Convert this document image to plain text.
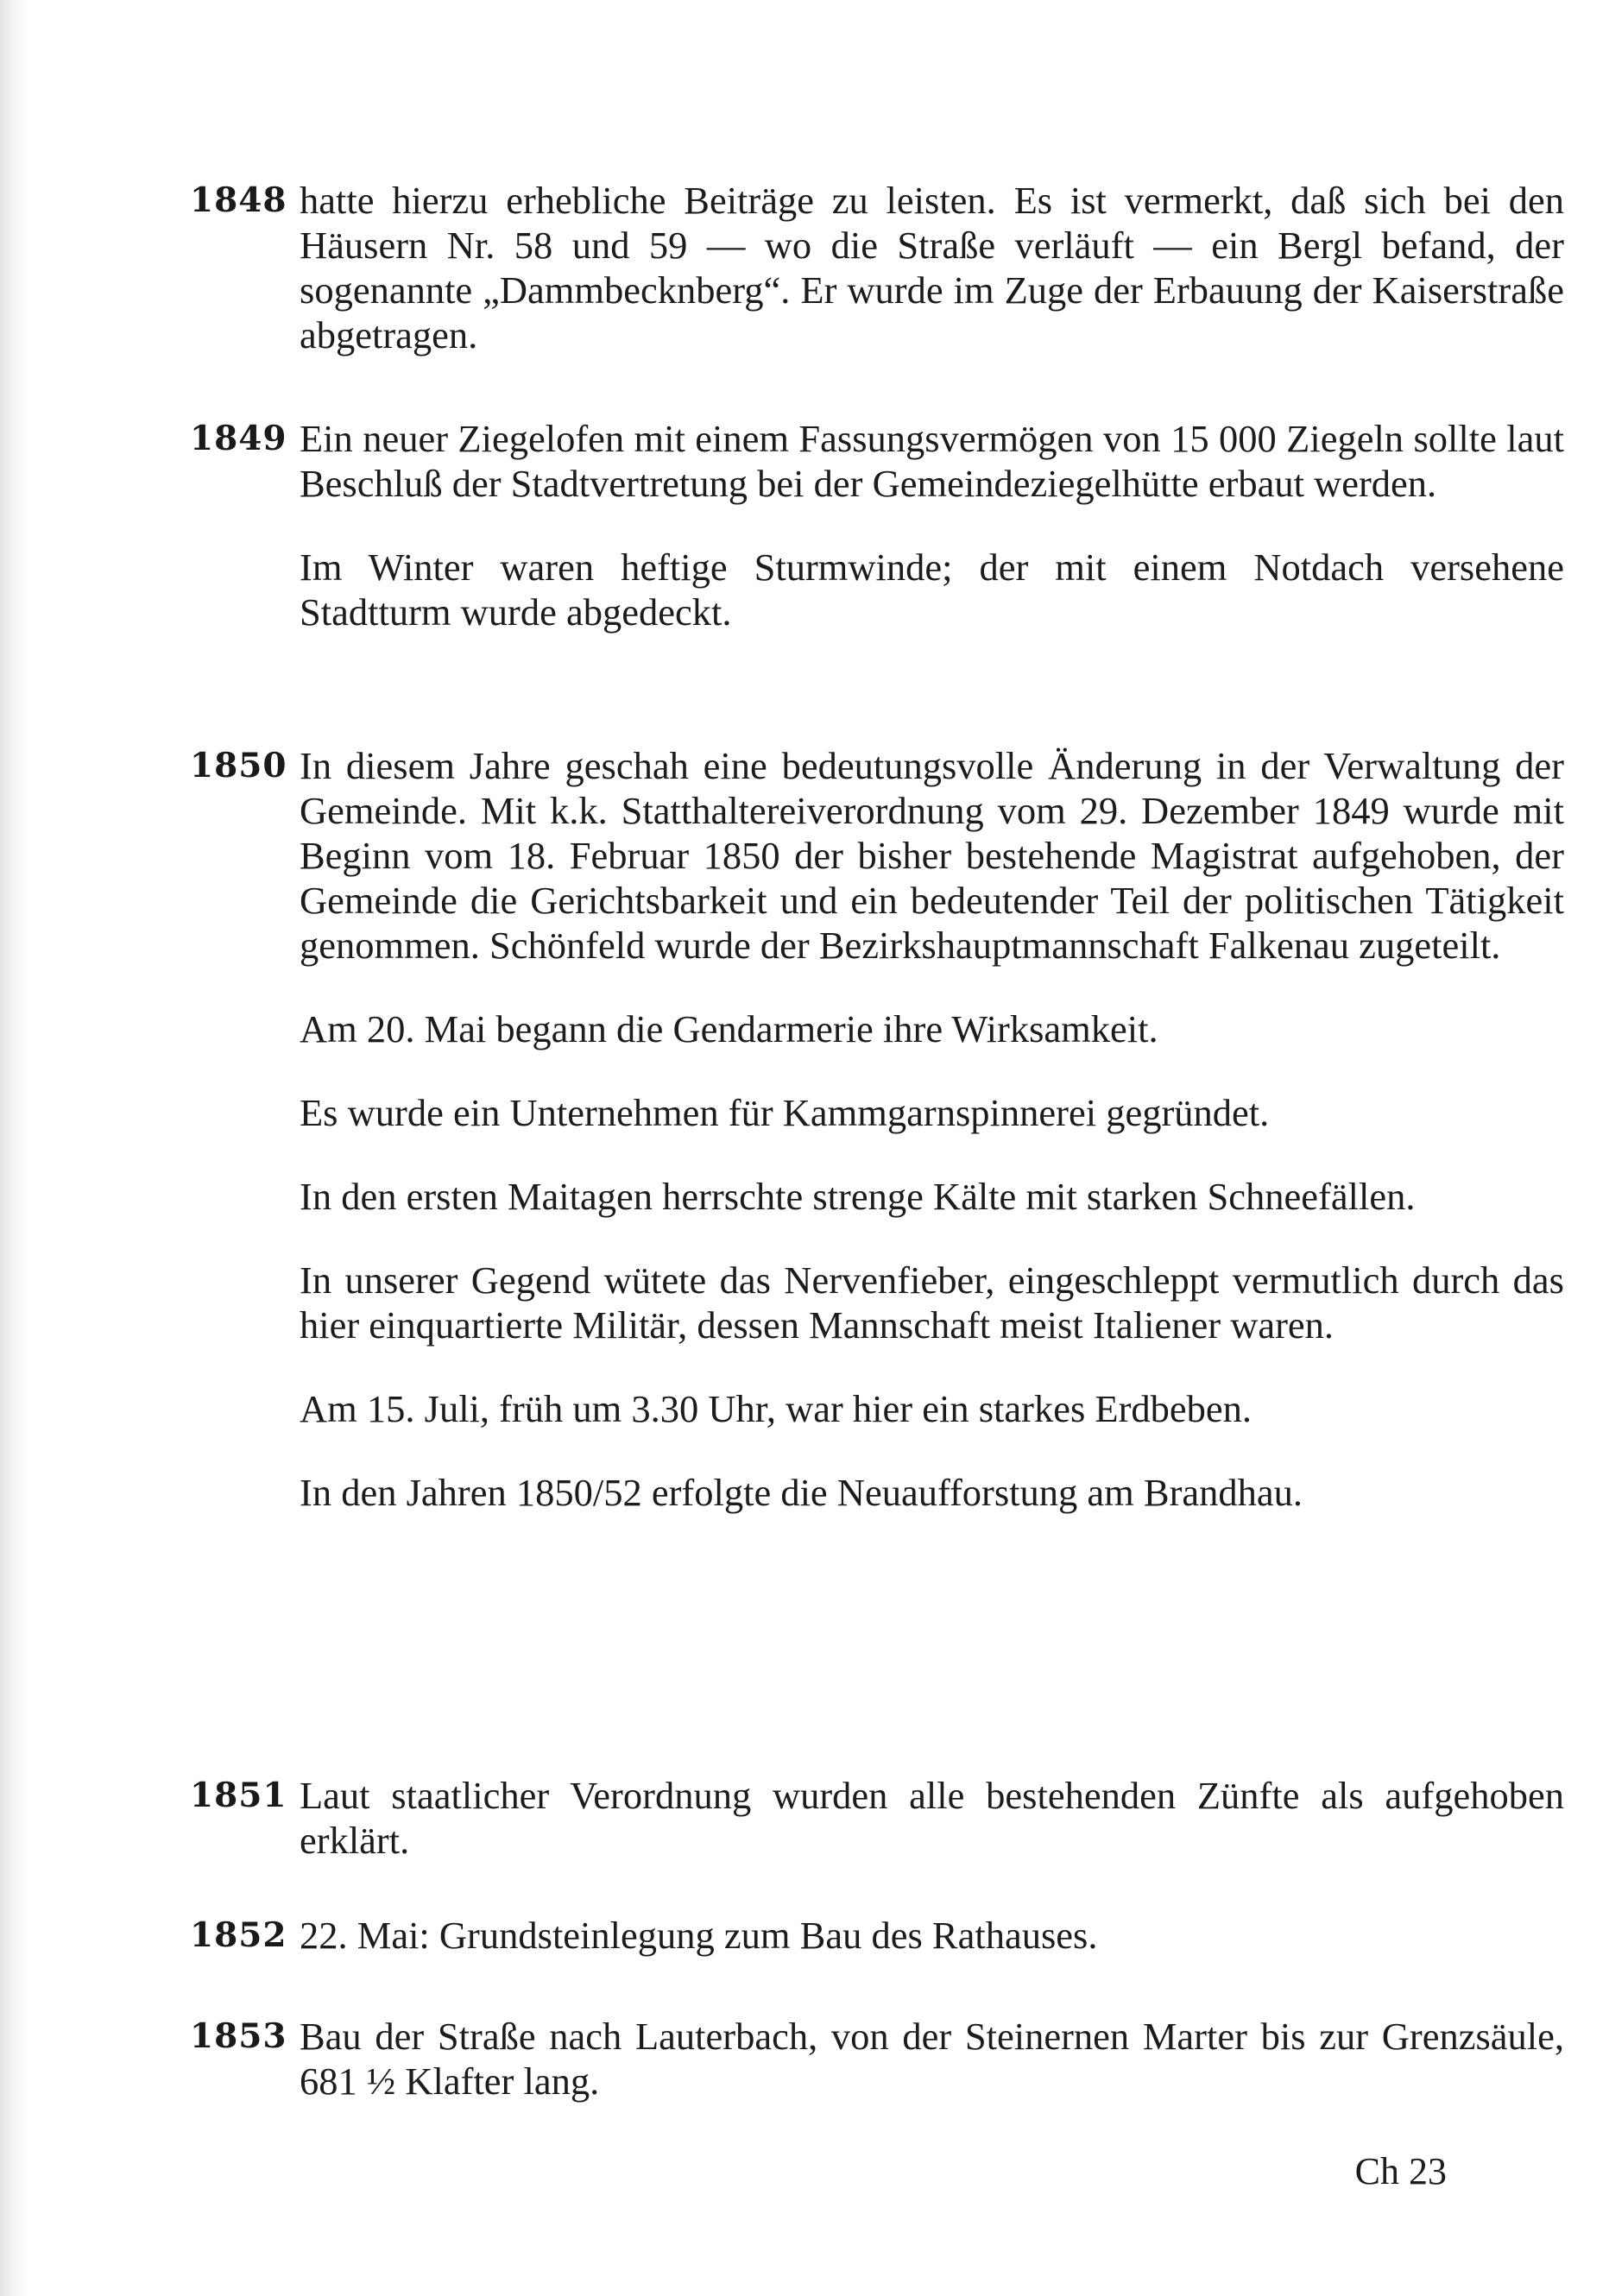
1848 hatte hierzu erhebliche Beiträge zu leisten. Es ist vermerkt, daß sich bei den Häusern Nr. 58 und 59 — wo die Straße verläuft — ein Bergl befand, der sogenannte „Dammbecknberg“. Er wurde im Zuge der Erbauung der Kaiserstraße abgetragen.

1849 Ein neuer Ziegelofen mit einem Fassungsvermögen von 15 000 Ziegeln sollte laut Beschluß der Stadtvertretung bei der Gemeindeziegelhütte erbaut werden.

Im Winter waren heftige Sturmwinde; der mit einem Notdach versehene Stadtturm wurde abgedeckt.

1850 In diesem Jahre geschah eine bedeutungsvolle Änderung in der Verwaltung der Gemeinde. Mit k.k. Statthaltereiverordnung vom 29. Dezember 1849 wurde mit Beginn vom 18. Februar 1850 der bisher bestehende Magistrat aufgehoben, der Gemeinde die Gerichtsbarkeit und ein bedeutender Teil der politischen Tätigkeit genommen. Schönfeld wurde der Bezirkshauptmannschaft Falkenau zugeteilt.

Am 20. Mai begann die Gendarmerie ihre Wirksamkeit.

Es wurde ein Unternehmen für Kammgarnspinnerei gegründet.

In den ersten Maitagen herrschte strenge Kälte mit starken Schneefällen.

In unserer Gegend wütete das Nervenfieber, eingeschleppt vermutlich durch das hier einquartierte Militär, dessen Mannschaft meist Italiener waren.

Am 15. Juli, früh um 3.30 Uhr, war hier ein starkes Erdbeben.

In den Jahren 1850/52 erfolgte die Neuaufforstung am Brandhau.

1851 Laut staatlicher Verordnung wurden alle bestehenden Zünfte als aufgehoben erklärt.

1852 22. Mai: Grundsteinlegung zum Bau des Rathauses.

1853 Bau der Straße nach Lauterbach, von der Steinernen Marter bis zur Grenzsäule, 681 ½ Klafter lang.

Ch 23
